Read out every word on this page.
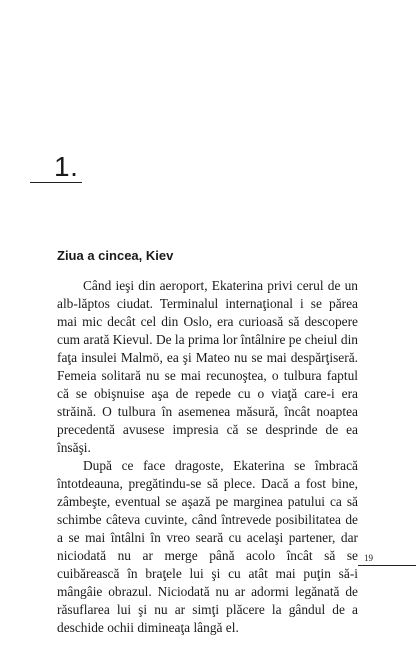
1.
Ziua a cincea, Kiev

Când ieşi din aeroport, Ekaterina privi cerul de un alb-lăptos ciudat. Terminalul internaţional i se părea mai mic decât cel din Oslo, era curioasă să descopere cum arată Kievul. De la prima lor întâlnire pe cheiul din faţa insulei Malmö, ea şi Mateo nu se mai despărţiseră. Femeia solitară nu se mai recunoştea, o tulbura faptul că se obişnuise aşa de repede cu o viaţă care-i era străină. O tulbura în asemenea măsură, încât noaptea precedentă avusese impresia că se desprinde de ea însăşi.

După ce face dragoste, Ekaterina se îmbracă întotdeauna, pregătindu-se să plece. Dacă a fost bine, zâmbeşte, eventual se aşază pe marginea patului ca să schimbe câteva cuvinte, când întrevede posibilitatea de a se mai întâlni în vreo seară cu acelaşi partener, dar niciodată nu ar merge până acolo încât să se cuibărească în braţele lui şi cu atât mai puţin să-i mângâie obrazul. Niciodată nu ar adormi legănată de răsuflarea lui şi nu ar simţi plăcere la gândul de a deschide ochii dimineaţa lângă el.

19
